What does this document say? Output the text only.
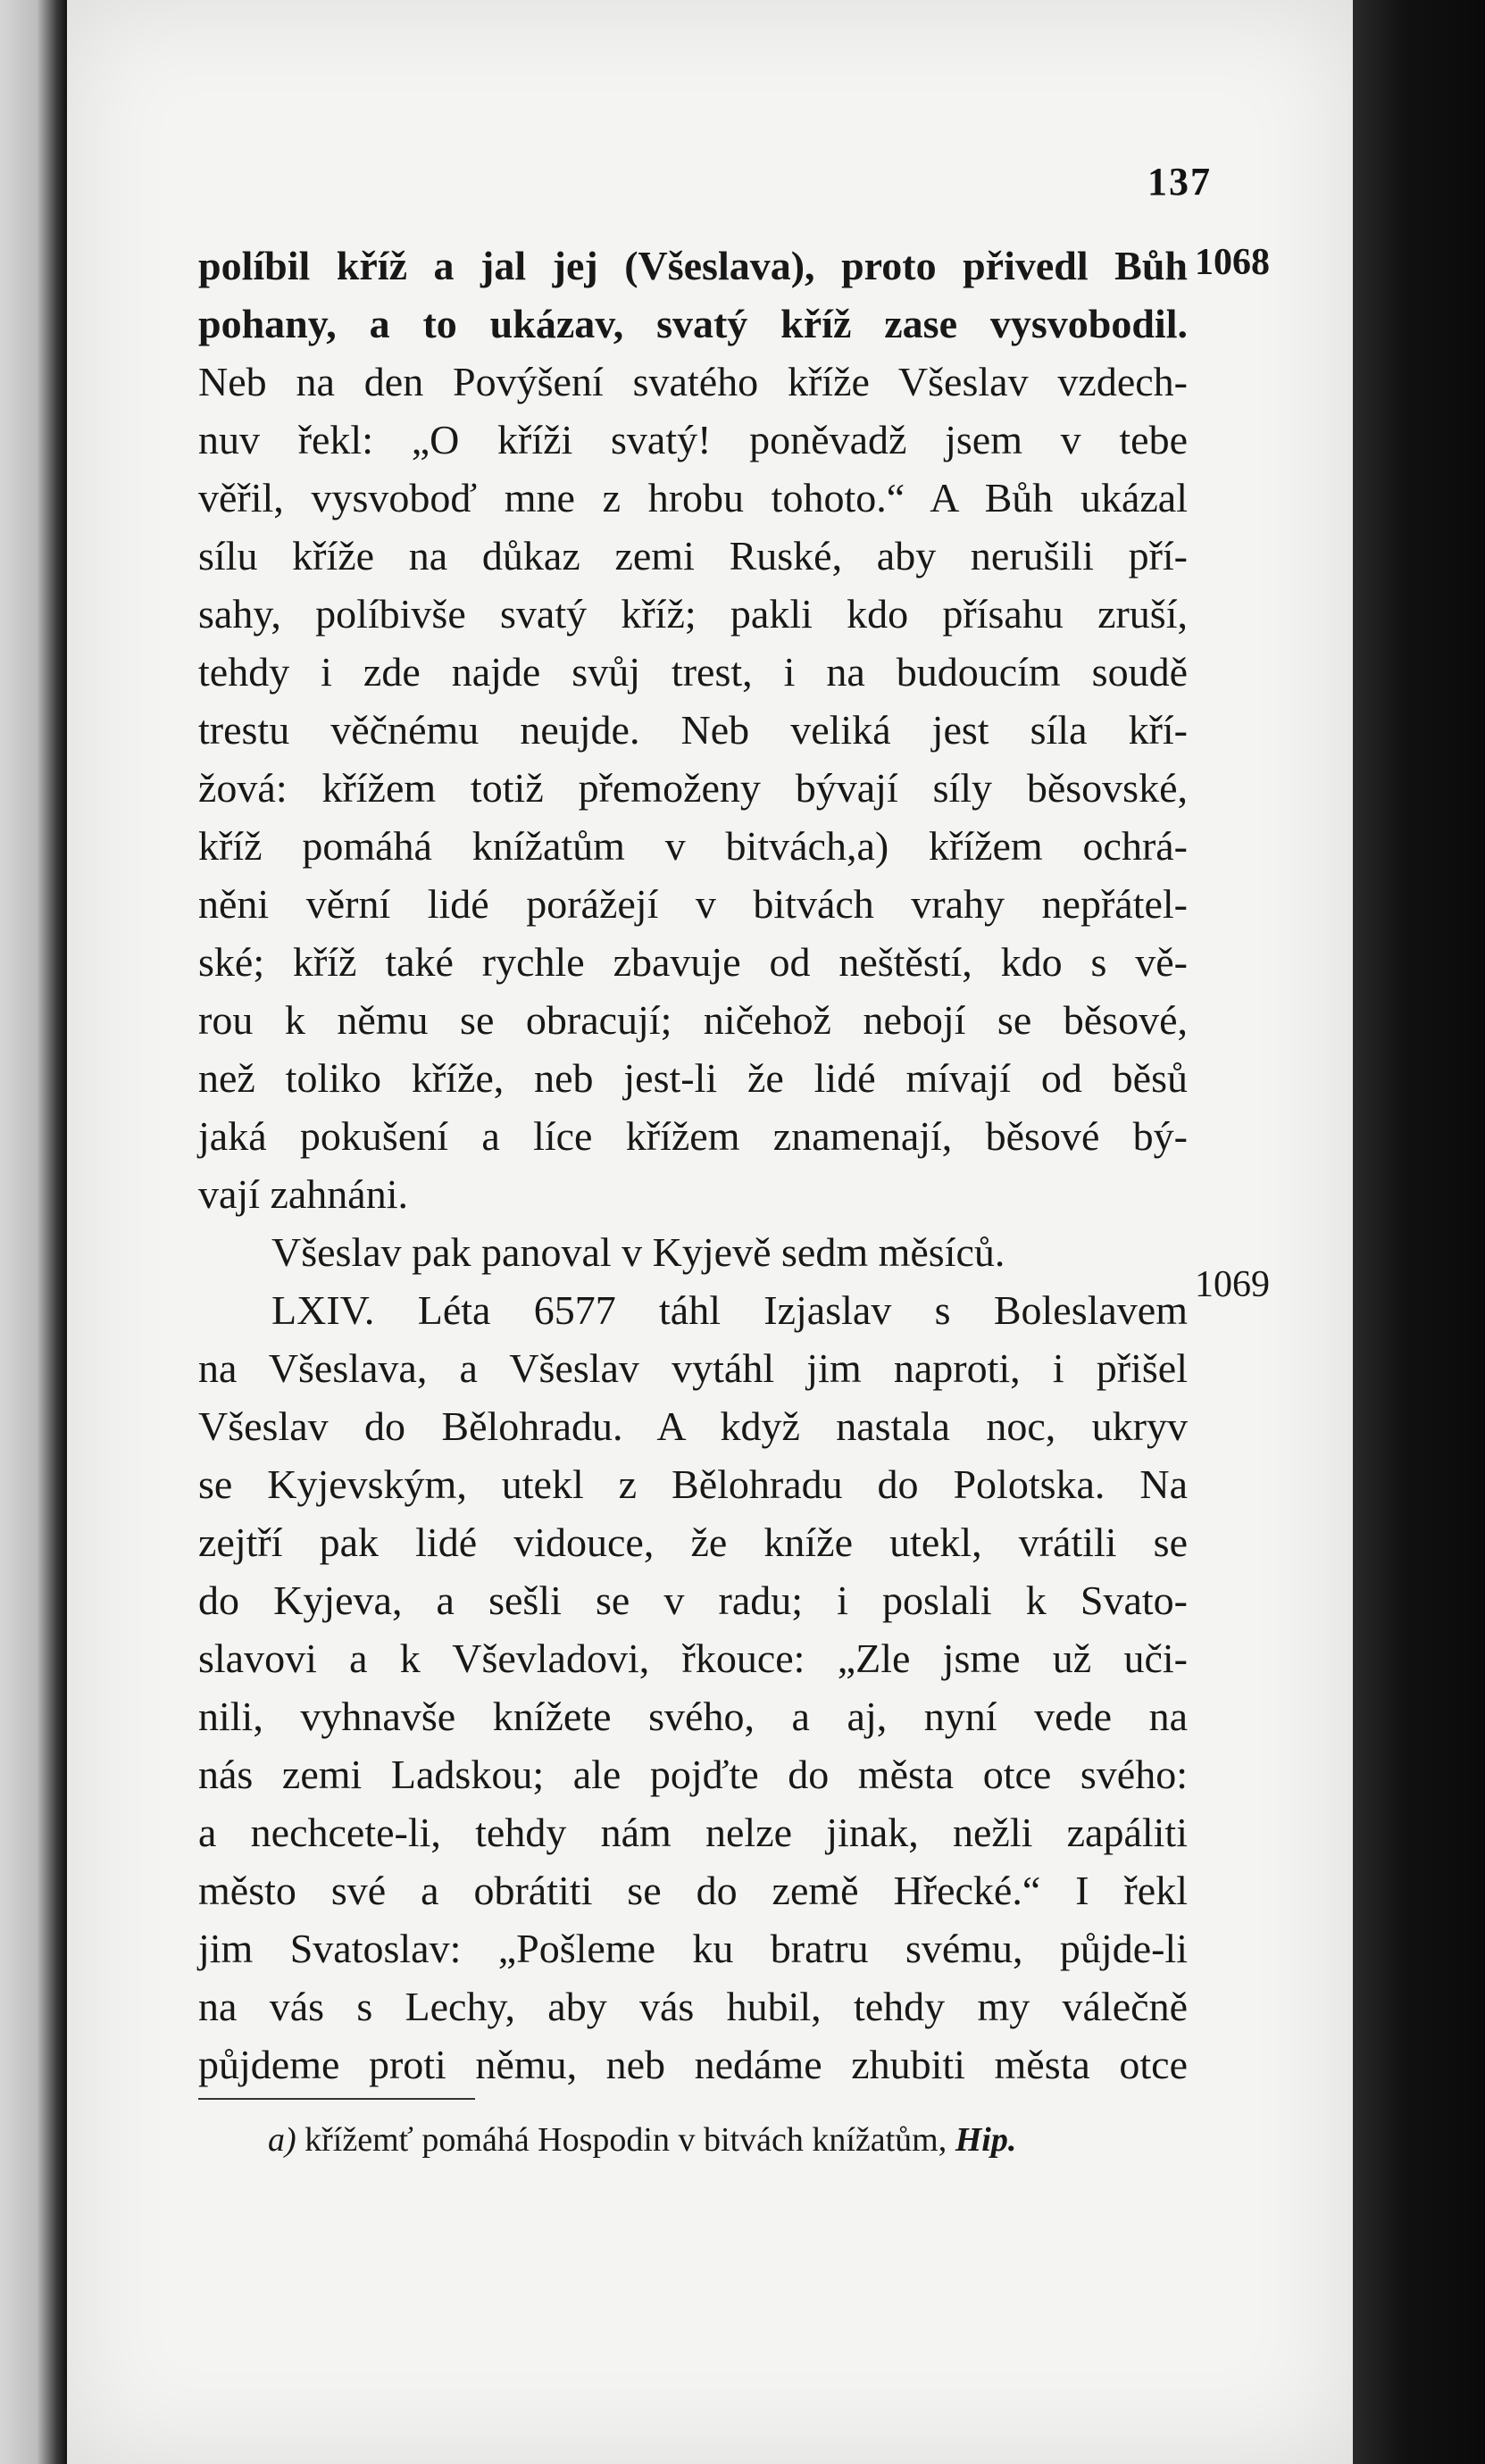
137
1068
1069
políbil kříž a jal jej (Všeslava), proto přivedl Bůh
pohany, a to ukázav, svatý kříž zase vysvobodil.
Neb na den Povýšení svatého kříže Všeslav vzdech-
nuv řekl: „O kříži svatý! poněvadž jsem v tebe
věřil, vysvoboď mne z hrobu tohoto.“ A Bůh ukázal
sílu kříže na důkaz zemi Ruské, aby nerušili pří-
sahy, políbivše svatý kříž; pakli kdo přísahu zruší,
tehdy i zde najde svůj trest, i na budoucím soudě
trestu věčnému neujde. Neb veliká jest síla kří-
žová: křížem totiž přemoženy bývají síly běsovské,
kříž pomáhá knížatům v bitvách,a) křížem ochrá-
něni věrní lidé porážejí v bitvách vrahy nepřátel-
ské; kříž také rychle zbavuje od neštěstí, kdo s vě-
rou k němu se obracují; ničehož nebojí se běsové,
než toliko kříže, neb jest-li že lidé mívají od běsů
jaká pokušení a líce křížem znamenají, běsové bý-
vají zahnáni.
Všeslav pak panoval v Kyjevě sedm měsíců.
LXIV. Léta 6577 táhl Izjaslav s Boleslavem
na Všeslava, a Všeslav vytáhl jim naproti, i přišel
Všeslav do Bělohradu. A když nastala noc, ukryv
se Kyjevským, utekl z Bělohradu do Polotska. Na
zejtří pak lidé vidouce, že kníže utekl, vrátili se
do Kyjeva, a sešli se v radu; i poslali k Svato-
slavovi a k Vševladovi, řkouce: „Zle jsme už uči-
nili, vyhnavše knížete svého, a aj, nyní vede na
nás zemi Ladskou; ale pojďte do města otce svého:
a nechcete-li, tehdy nám nelze jinak, nežli zapáliti
město své a obrátiti se do země Hřecké.“ I řekl
jim Svatoslav: „Pošleme ku bratru svému, půjde-li
na vás s Lechy, aby vás hubil, tehdy my válečně
půjdeme proti němu, neb nedáme zhubiti města otce
a) křížemť pomáhá Hospodin v bitvách knížatům, Hip.
